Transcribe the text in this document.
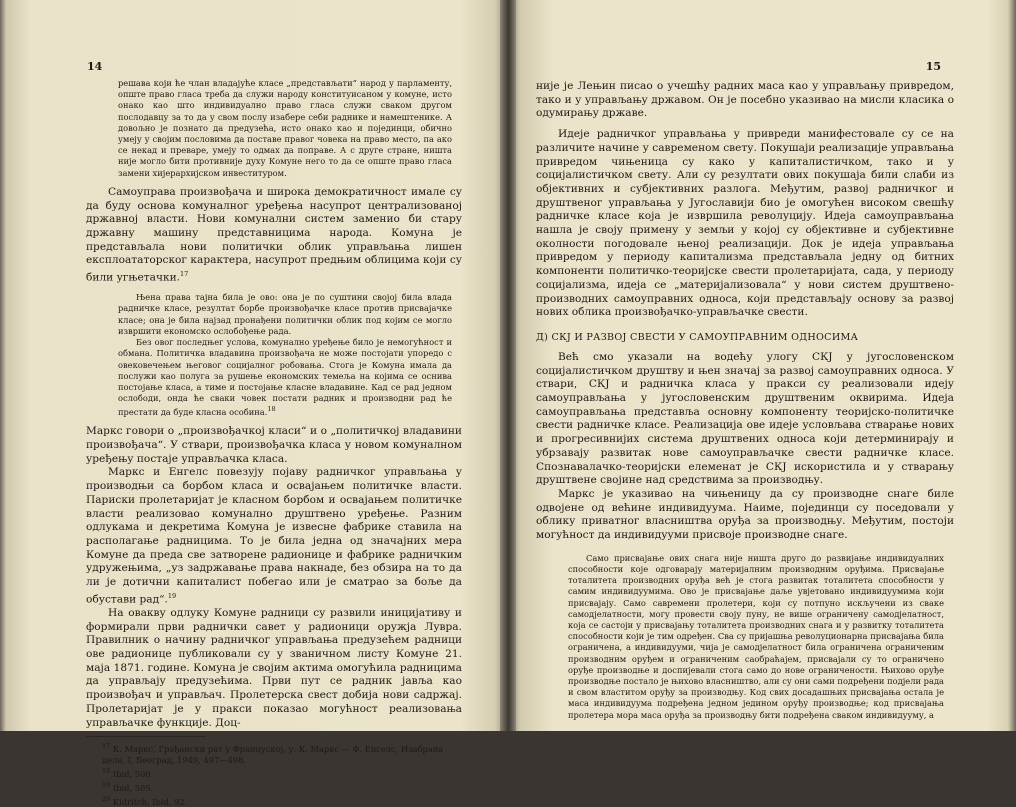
14

решава који ће члан владајуће класе „представљати“ народ у парламенту, опште право гласа треба да служи народу конституисаном у комуне, исто онако као што индивидуално право гласа служи сваком другом послодавцу за то да у свом послу изабере себи раднике и намештенике. А довољно је познато да предузећа, исто онако као и појединци, обично умеју у својим пословима да поставе правог човека на право место, па ако се некад и преваре, умеју то одмах да поправе. А с друге стране, ништа није могло бити противније духу Комуне него то да се опште право гласа замени хијерархијском инвеституром.

Самоуправа произвођача и широка демократичност имале су да буду основа комуналног уређења насупрот централизованој државној власти. Нови комунални систем заменио би стару државну машину представницима народа. Комуна је представљала нови политички облик управљања лишен експлоататорског карактера, насупрот предњим облицима који су били угњетачки.$^{17}$

Њена права тајна била је ово: она је по суштини својој била влада радничке класе, резултат борбе произвођачке класе против присвајачке класе; она је била најзад пронађени политички облик под којим се могло извршити економско ослобођење рада.

Без овог последњег услова, комунално уређење било је немогућност и обмана. Политичка владавина произвођача не може постојати упоредо с овековечењем његовог социјалног робовања. Стога је Комуна имала да послужи као полуга за рушење економских темеља на којима се оснива постојање класа, а тиме и постојање класне владавине. Кад се рад једном ослободи, онда ће сваки човек постати радник и производни рад ће престати да буде класна особина.$^{18}$

Маркс говори о „произвођачкој класи“ и о „политичкој владавини произвођача“. У ствари, произвођачка класа у новом комуналном уређењу постаје управљачка класа.

Маркс и Енгелс повезују појаву радничког управљања у производњи са борбом класа и освајањем политичке власти. Париски пролетаријат је класном борбом и освајањем политичке власти реализовао комунално друштвено уређење. Разним одлукама и декретима Комуна је извесне фабрике ставила на располагање радницима. То је била једна од значајних мера Комуне да преда све затворене радионице и фабрике радничким удружењима, „уз задржавање права накнаде, без обзира на то да ли је дотични капиталист побегао или је сматрао за боље да обустави рад“.$^{19}$

На овакву одлуку Комуне радници су развили иницијативу и формирали први раднички савет у радионици оружја Лувра. Правилник о начину радничког управљања предузећем радници ове радионице публиковали су у званичном листу Комуне 21. маја 1871. године. Комуна је својим актима омогућила радницима да управљају предузећима. Први пут се радник јавља као произвођач и управљач. Пролетерска свест добија нови садржај. Пролетаријат је у пракси показао могућност реализовања управљачке функције. Доц-

$^{17}$ К. Маркс, Грађански рат у Француској, у: К. Маркс — Ф. Енгелс, Изабрана дела, I, Београд, 1949, 497—498.
$^{18}$ Ibid, 500.
$^{19}$ Ibid, 505.
$^{20}$ Kidritch, Ibid, 92.
15

није је Лењин писао о учешћу радних маса као у управљању привредом, тако и у управљању државом. Он је посебно указивао на мисли класика о одумирању државе.

Идеје радничког управљања у привреди манифестовале су се на различите начине у савременом свету. Покушаји реализације управљања привредом чињеница су како у капиталистичком, тако и у социјалистичком свету. Али су резултати ових покушаја били слаби из објективних и субјективних разлога. Међутим, развој радничког и друштвеног управљања у Југославији био је омогућен високом свешћу радничке класе која је извршила револуцију. Идеја самоуправљања нашла је своју примену у земљи у којој су објективне и субјективне околности погодовале њеној реализацији. Док је идеја управљања привредом у периоду капитализма представљала једну од битних компоненти политичко-теоријске свести пролетаријата, сада, у периоду социјализма, идеја се „материјализовала“ у нови систем друштвено-производних самоуправних односа, који представљају основу за развој нових облика произвођачко-управљачке свести.

Д) СКЈ И РАЗВОЈ СВЕСТИ У САМОУПРАВНИМ ОДНОСИМА

Већ смо указали на водећу улогу СКЈ у југословенском социјалистичком друштву и њен значај за развој самоуправних односа. У ствари, СКЈ и радничка класа у пракси су реализовали идеју самоуправљања у југословенским друштвеним оквирима. Идеја самоуправљања представља основну компоненту теоријско-политичке свести радничке класе. Реализација ове идеје условљава стварање нових и прогресивнијих система друштвених односа који детерминирају и убрзавају развитак нове самоуправљачке свести радничке класе. Спознавалачко-теоријски елеменат је СКЈ искористила и у стварању друштвене својине над средствима за производњу.

Маркс је указивао на чињеницу да су производне снаге биле одвојене од већине индивидуума. Наиме, појединци су поседовали у облику приватног власништва оруђа за производњу. Међутим, постоји могућност да индивидууми присвоје производне снаге.

Само присвајање ових снага није ништа друго до развијање индивидуалних способности које одговарају материјалним производним оруђима. Присвајање тоталитета производних оруђа већ је стога развитак тоталитета способности у самим индивидуумима. Ово је присвајање даље увјетовано индивидуумима који присвајају. Само савремени пролетери, који су потпуно искључени из сваке самодјелатности, могу провести своју пуну, не више ограничену самодјелатност, која се састоји у присвајању тоталитета производних снага и у развитку тоталитета способности који је тим одређен. Сва су пријашња револуционарна присвајања била ограничена, а индивидууми, чија је самодјелатност била ограничена ограниченим производним оруђем и ограниченим саобраћајем, присвајали су то ограничено оруђе производње и доспијевали стога само до нове ограничености. Њихово оруђе производње постало је њихово власништво, али су они сами подређени подјели рада и свом властитом оруђу за производњу. Код свих досадашњих присвајања остала је маса индивидуума подређена једном једином оруђу производње; код присвајања пролетера мора маса оруђа за производњу бити подређена сваком индивидууму, а
